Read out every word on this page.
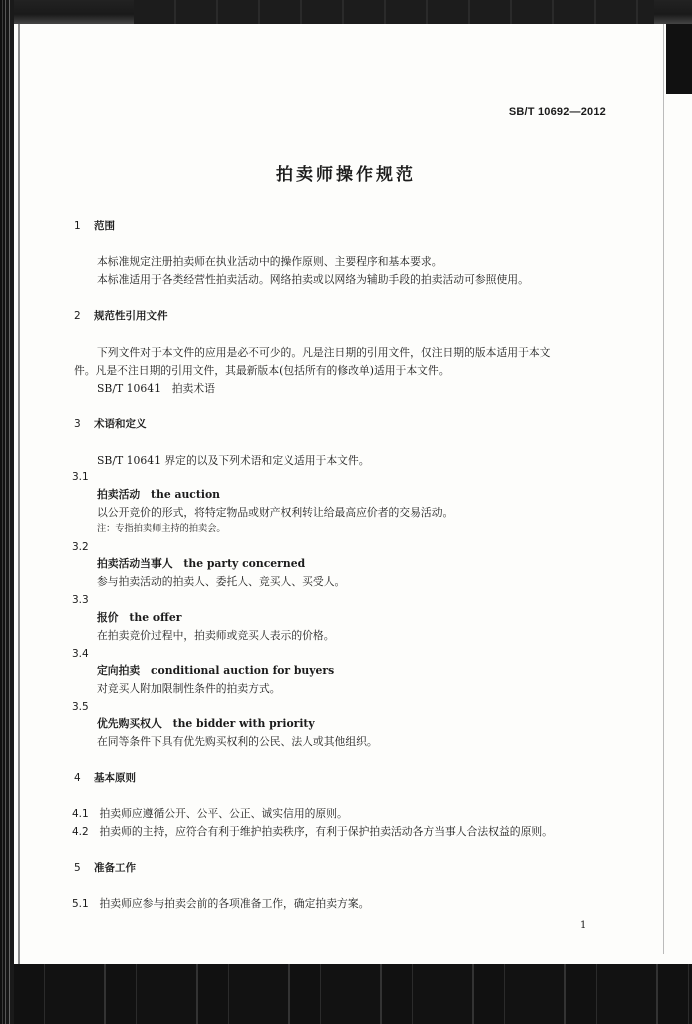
SB/T 10692—2012
拍卖师操作规范
1 范围
本标准规定注册拍卖师在执业活动中的操作原则、主要程序和基本要求。
本标准适用于各类经营性拍卖活动。网络拍卖或以网络为辅助手段的拍卖活动可参照使用。
2 规范性引用文件
下列文件对于本文件的应用是必不可少的。凡是注日期的引用文件，仅注日期的版本适用于本文
件。凡是不注日期的引用文件，其最新版本(包括所有的修改单)适用于本文件。
SB/T 10641　拍卖术语
3 术语和定义
SB/T 10641 界定的以及下列术语和定义适用于本文件。
3.1
拍卖活动　 the auction
以公开竞价的形式，将特定物品或财产权利转让给最高应价者的交易活动。
注：专指拍卖师主持的拍卖会。
3.2
拍卖活动当事人　 the party concerned
参与拍卖活动的拍卖人、委托人、竞买人、买受人。
3.3
报价　 the offer
在拍卖竞价过程中，拍卖师或竞买人表示的价格。
3.4
定向拍卖　 conditional auction for buyers
对竞买人附加限制性条件的拍卖方式。
3.5
优先购买权人　 the bidder with priority
在同等条件下具有优先购买权利的公民、法人或其他组织。
4 基本原则
4.1　 拍卖师应遵循公开、公平、公正、诚实信用的原则。
4.2　 拍卖师的主持，应符合有利于维护拍卖秩序，有利于保护拍卖活动各方当事人合法权益的原则。
5 准备工作
5.1　 拍卖师应参与拍卖会前的各项准备工作，确定拍卖方案。
1
